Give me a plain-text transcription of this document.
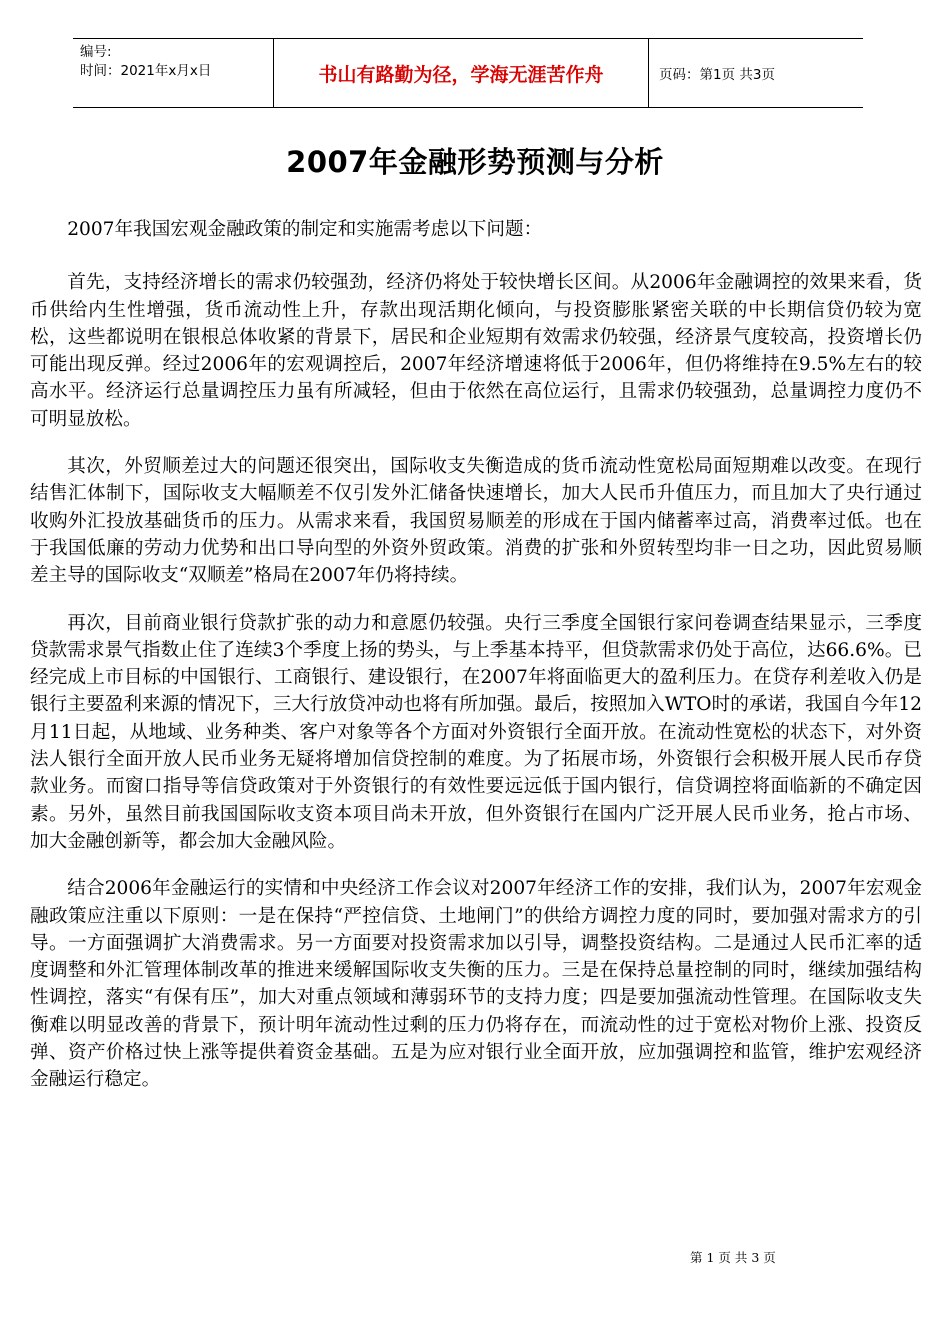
编号:
时间：2021年x月x日	书山有路勤为径，学海无涯苦作舟	页码：第1页 共3页
2007年金融形势预测与分析

2007年我国宏观金融政策的制定和实施需考虑以下问题：

首先，支持经济增长的需求仍较强劲，经济仍将处于较快增长区间。从2006年金融调控的效果来看，货币供给内生性增强，货币流动性上升，存款出现活期化倾向，与投资膨胀紧密关联的中长期信贷仍较为宽松，这些都说明在银根总体收紧的背景下，居民和企业短期有效需求仍较强，经济景气度较高，投资增长仍可能出现反弹。经过2006年的宏观调控后，2007年经济增速将低于2006年，但仍将维持在9.5%左右的较高水平。经济运行总量调控压力虽有所减轻，但由于依然在高位运行，且需求仍较强劲，总量调控力度仍不可明显放松。

其次，外贸顺差过大的问题还很突出，国际收支失衡造成的货币流动性宽松局面短期难以改变。在现行结售汇体制下，国际收支大幅顺差不仅引发外汇储备快速增长，加大人民币升值压力，而且加大了央行通过收购外汇投放基础货币的压力。从需求来看，我国贸易顺差的形成在于国内储蓄率过高，消费率过低。也在于我国低廉的劳动力优势和出口导向型的外资外贸政策。消费的扩张和外贸转型均非一日之功，因此贸易顺差主导的国际收支“双顺差”格局在2007年仍将持续。

再次，目前商业银行贷款扩张的动力和意愿仍较强。央行三季度全国银行家问卷调查结果显示，三季度贷款需求景气指数止住了连续3个季度上扬的势头，与上季基本持平，但贷款需求仍处于高位，达66.6%。已经完成上市目标的中国银行、工商银行、建设银行，在2007年将面临更大的盈利压力。在贷存利差收入仍是银行主要盈利来源的情况下，三大行放贷冲动也将有所加强。最后，按照加入WTO时的承诺，我国自今年12月11日起，从地域、业务种类、客户对象等各个方面对外资银行全面开放。在流动性宽松的状态下，对外资法人银行全面开放人民币业务无疑将增加信贷控制的难度。为了拓展市场，外资银行会积极开展人民币存贷款业务。而窗口指导等信贷政策对于外资银行的有效性要远远低于国内银行，信贷调控将面临新的不确定因素。另外，虽然目前我国国际收支资本项目尚未开放，但外资银行在国内广泛开展人民币业务，抢占市场、加大金融创新等，都会加大金融风险。

结合2006年金融运行的实情和中央经济工作会议对2007年经济工作的安排，我们认为，2007年宏观金融政策应注重以下原则：一是在保持“严控信贷、土地闸门”的供给方调控力度的同时，要加强对需求方的引导。一方面强调扩大消费需求。另一方面要对投资需求加以引导，调整投资结构。二是通过人民币汇率的适度调整和外汇管理体制改革的推进来缓解国际收支失衡的压力。三是在保持总量控制的同时，继续加强结构性调控，落实“有保有压”，加大对重点领域和薄弱环节的支持力度；四是要加强流动性管理。在国际收支失衡难以明显改善的背景下，预计明年流动性过剩的压力仍将存在，而流动性的过于宽松对物价上涨、投资反弹、资产价格过快上涨等提供着资金基础。五是为应对银行业全面开放，应加强调控和监管，维护宏观经济金融运行稳定。

第 1 页 共 3 页
